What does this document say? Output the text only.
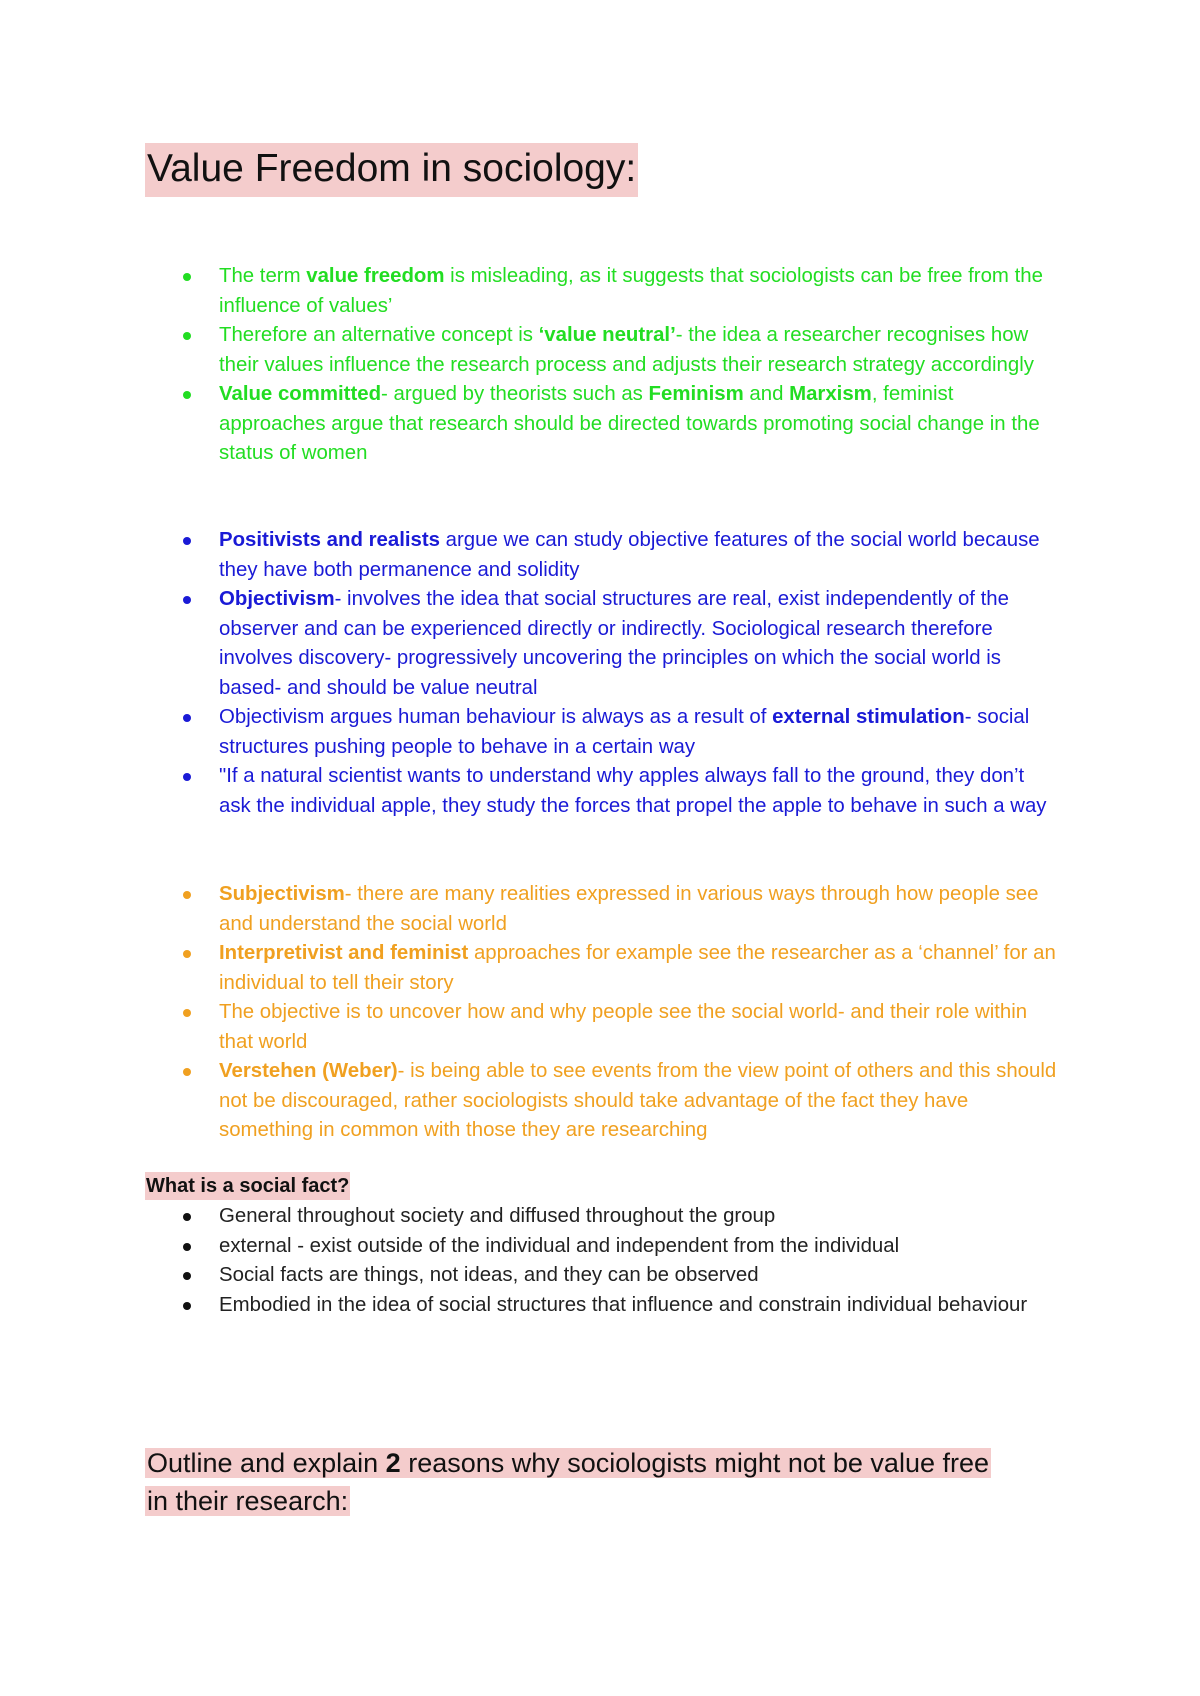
Value Freedom in sociology:
The term value freedom is misleading, as it suggests that sociologists can be free from the influence of values’
Therefore an alternative concept is ‘value neutral’- the idea a researcher recognises how their values influence the research process and adjusts their research strategy accordingly
Value committed- argued by theorists such as Feminism and Marxism, feminist approaches argue that research should be directed towards promoting social change in the status of women
Positivists and realists argue we can study objective features of the social world because they have both permanence and solidity
Objectivism- involves the idea that social structures are real, exist independently of the observer and can be experienced directly or indirectly. Sociological research therefore involves discovery- progressively uncovering the principles on which the social world is based- and should be value neutral
Objectivism argues human behaviour is always as a result of external stimulation- social structures pushing people to behave in a certain way
"If a natural scientist wants to understand why apples always fall to the ground, they don’t ask the individual apple, they study the forces that propel the apple to behave in such a way
Subjectivism- there are many realities expressed in various ways through how people see and understand the social world
Interpretivist and feminist approaches for example see the researcher as a ‘channel’ for an individual to tell their story
The objective is to uncover how and why people see the social world- and their role within that world
Verstehen (Weber)- is being able to see events from the view point of others and this should not be discouraged, rather sociologists should take advantage of the fact they have something in common with those they are researching
What is a social fact?
General throughout society and diffused throughout the group
external - exist outside of the individual and independent from the individual
Social facts are things, not ideas, and they can be observed
Embodied in the idea of social structures that influence and constrain individual behaviour
Outline and explain 2 reasons why sociologists might not be value free
in their research:
